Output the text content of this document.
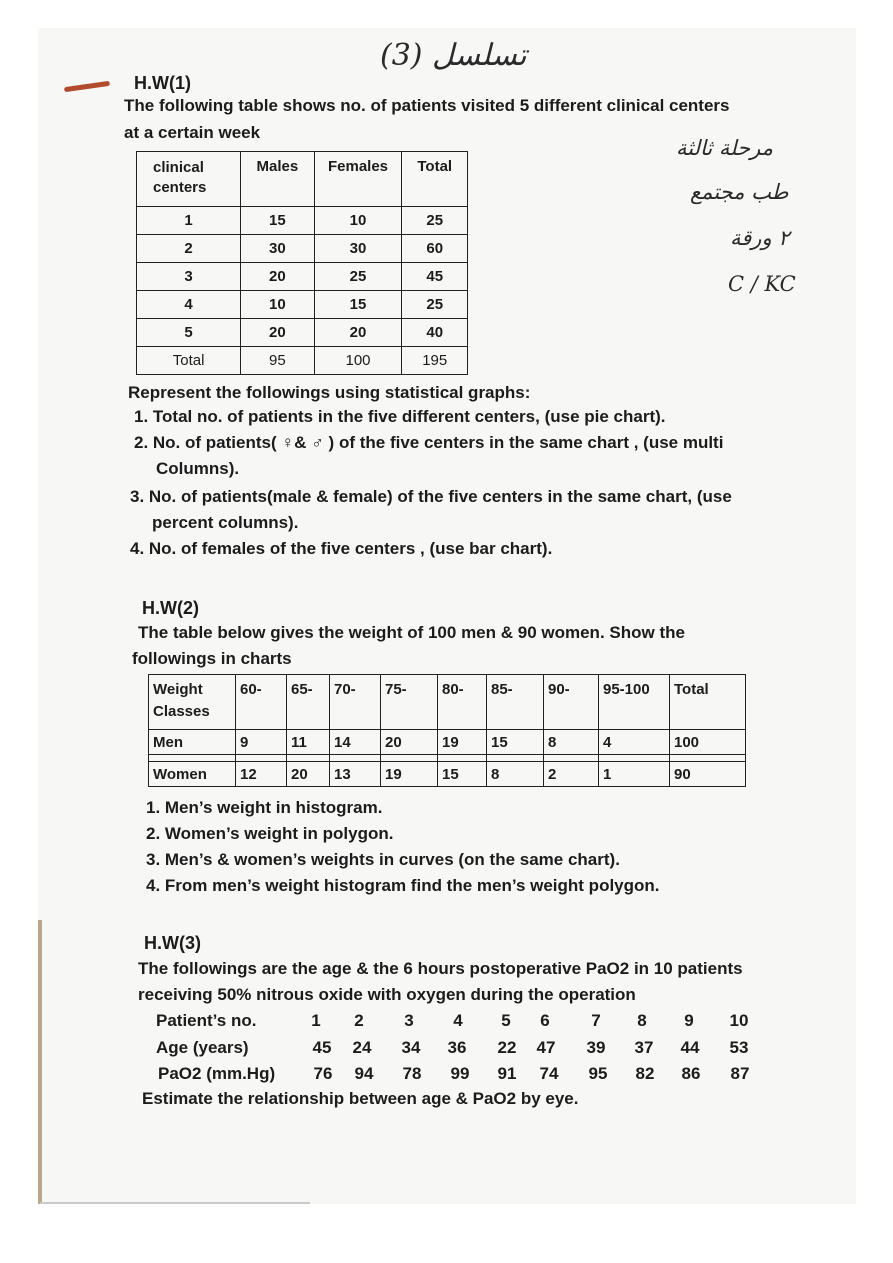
(3) تسلسل
مرحلة ثالثة
طب مجتمع
٢ ورقة
C / KC
H.W(1)
The following table shows no. of patients visited 5 different clinical centers
at a certain week
clinical
centers	Males	Females	Total
1	15	10	25
2	30	30	60
3	20	25	45
4	10	15	25
5	20	20	40
Total	95	100	195
Represent the followings using statistical graphs:
1. Total no. of patients in the five different centers, (use pie chart).
2. No. of patients( ♀& ♂ ) of the five centers in the same chart , (use multi
Columns).
3. No. of patients(male & female) of the five centers in the same chart, (use
percent columns).
4. No. of females of the five centers , (use bar chart).
H.W(2)
The table below gives the weight of 100 men & 90 women. Show the
followings in charts
Weight
Classes	60-	65-	70-	75-	80-	85-	90-	95-100	Total
Men	9	11	14	20	19	15	8	4	100

Women	12	20	13	19	15	8	2	1	90
1. Men’s weight in histogram.
2. Women’s weight in polygon.
3. Men’s & women’s weights in curves (on the same chart).
4. From men’s weight histogram find the men’s weight polygon.
H.W(3)
The followings are the age & the 6 hours postoperative PaO2 in 10 patients
receiving 50% nitrous oxide with oxygen during the operation
Patient’s no.	1	2	3	4	5	6	7	8	9	10
Age (years)	45	24	34	36	22	47	39	37	44	53
PaO2 (mm.Hg)	76	94	78	99	91	74	95	82	86	87
Estimate the relationship between age & PaO2 by eye.
